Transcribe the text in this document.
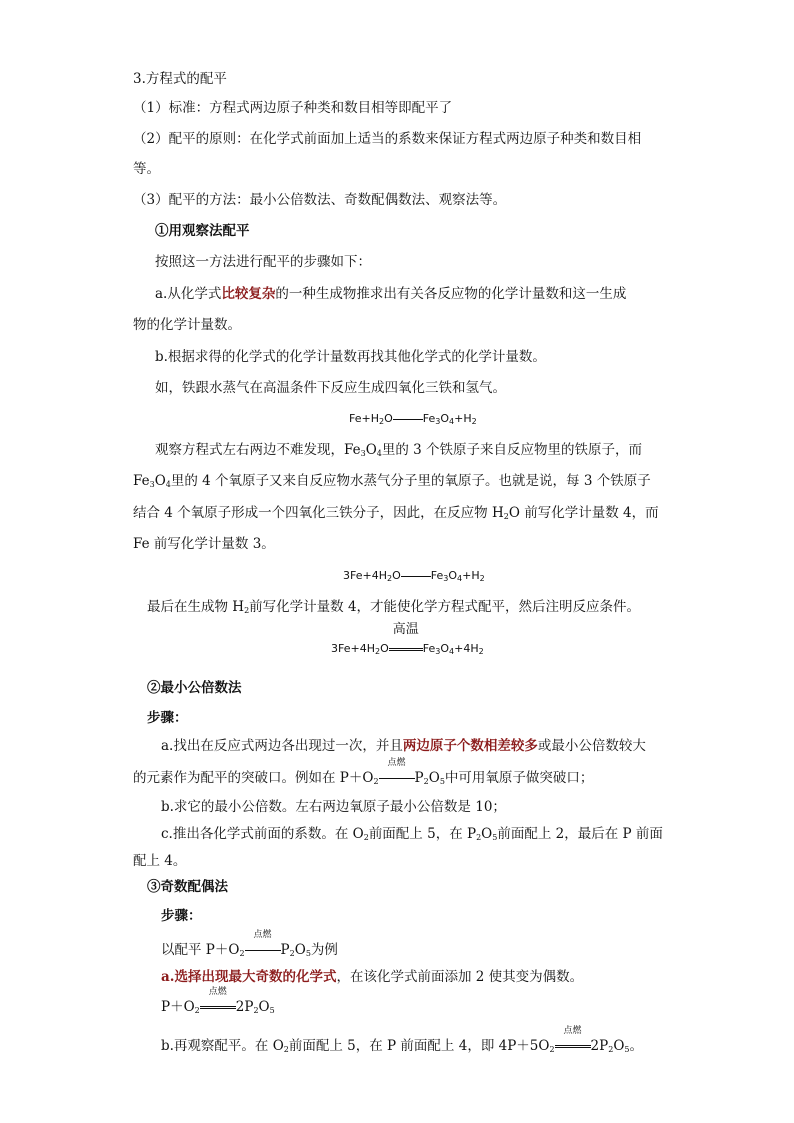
3.方程式的配平
（1）标准：方程式两边原子种类和数目相等即配平了
（2）配平的原则：在化学式前面加上适当的系数来保证方程式两边原子种类和数目相
等。
（3）配平的方法：最小公倍数法、奇数配偶数法、观察法等。
①用观察法配平
按照这一方法进行配平的步骤如下：
a.从化学式比较复杂的一种生成物推求出有关各反应物的化学计量数和这一生成
物的化学计量数。
b.根据求得的化学式的化学计量数再找其他化学式的化学计量数。
如，铁跟水蒸气在高温条件下反应生成四氧化三铁和氢气。
$Fe+H_2O$	$Fe_3O_4+H_2$
观察方程式左右两边不难发现，$Fe_3O_4$里的 3 个铁原子来自反应物里的铁原子，而
$Fe_3O_4$里的 4 个氧原子又来自反应物水蒸气分子里的氧原子。也就是说，每 3 个铁原子
结合 4 个氧原子形成一个四氧化三铁分子，因此，在反应物 $H_2O$ 前写化学计量数 4，而
Fe 前写化学计量数 3。
$3Fe+4H_2O$	$Fe_3O_4+H_2$
最后在生成物 $H_2$前写化学计量数 4，才能使化学方程式配平，然后注明反应条件。
$3Fe+4H_2O$
高温
$Fe_3O_4+4H_2$
②最小公倍数法
步骤：
a.找出在反应式两边各出现过一次，并且两边原子个数相差较多或最小公倍数较大
的元素作为配平的突破口。例如在 $P+O_2$
点燃
$P_2O_5$中可用氧原子做突破口；
b.求它的最小公倍数。左右两边氧原子最小公倍数是 10；
c.推出各化学式前面的系数。在 $O_2$前面配上 5，在 $P_2O_5$前面配上 2，最后在 P 前面
配上 4。
③奇数配偶法
步骤：
以配平 $P+O_2$
点燃
$P_2O_5$为例
a.选择出现最大奇数的化学式，在该化学式前面添加 2 使其变为偶数。
$P+O_2$
点燃
$2P_2O_5$
b.再观察配平。在 $O_2$前面配上 5，在 P 前面配上 4，即 $4P+5O_2$
点燃
$2P_2O_5$。
